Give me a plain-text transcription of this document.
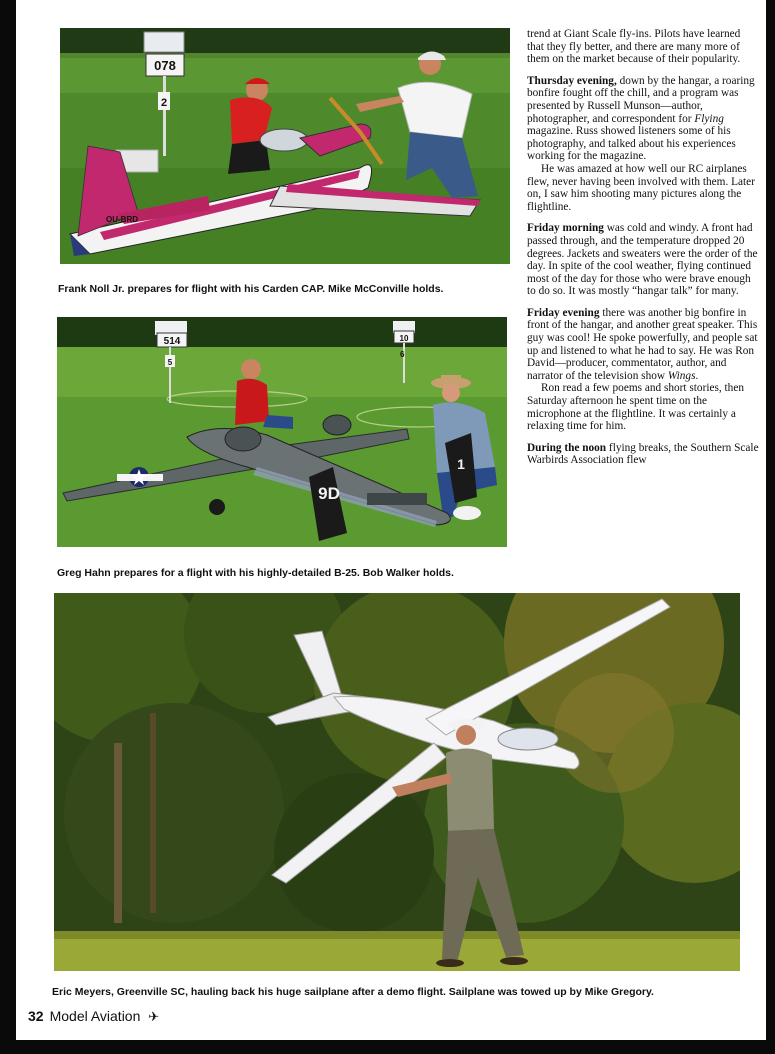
078
2
OU-BRD
Frank Noll Jr. prepares for flight with his Carden CAP. Mike McConville holds.
514
5
10
6
9D
1
Greg Hahn prepares for a flight with his highly-detailed B-25. Bob Walker holds.
Eric Meyers, Greenville SC, hauling back his huge sailplane after a demo flight. Sailplane was towed up by Mike Gregory.

trend at Giant Scale fly-ins. Pilots have learned that they fly better, and there are many more of them on the market because of their popularity.

Thursday evening, down by the hangar, a roaring bonfire fought off the chill, and a program was presented by Russell Munson—author, photographer, and correspondent for Flying magazine. Russ showed listeners some of his photography, and talked about his experiences working for the magazine.

He was amazed at how well our RC airplanes flew, never having been involved with them. Later on, I saw him shooting many pictures along the flightline.

Friday morning was cold and windy. A front had passed through, and the temperature dropped 20 degrees. Jackets and sweaters were the order of the day. In spite of the cool weather, flying continued most of the day for those who were brave enough to do so. It was mostly “hangar talk” for many.

Friday evening there was another big bonfire in front of the hangar, and another great speaker. This guy was cool! He spoke powerfully, and people sat up and listened to what he had to say. He was Ron David—producer, commentator, author, and narrator of the television show Wings.

Ron read a few poems and short stories, then Saturday afternoon he spent time on the microphone at the flightline. It was certainly a relaxing time for him.

During the noon flying breaks, the Southern Scale Warbirds Association flew

32 Model Aviation ✈
